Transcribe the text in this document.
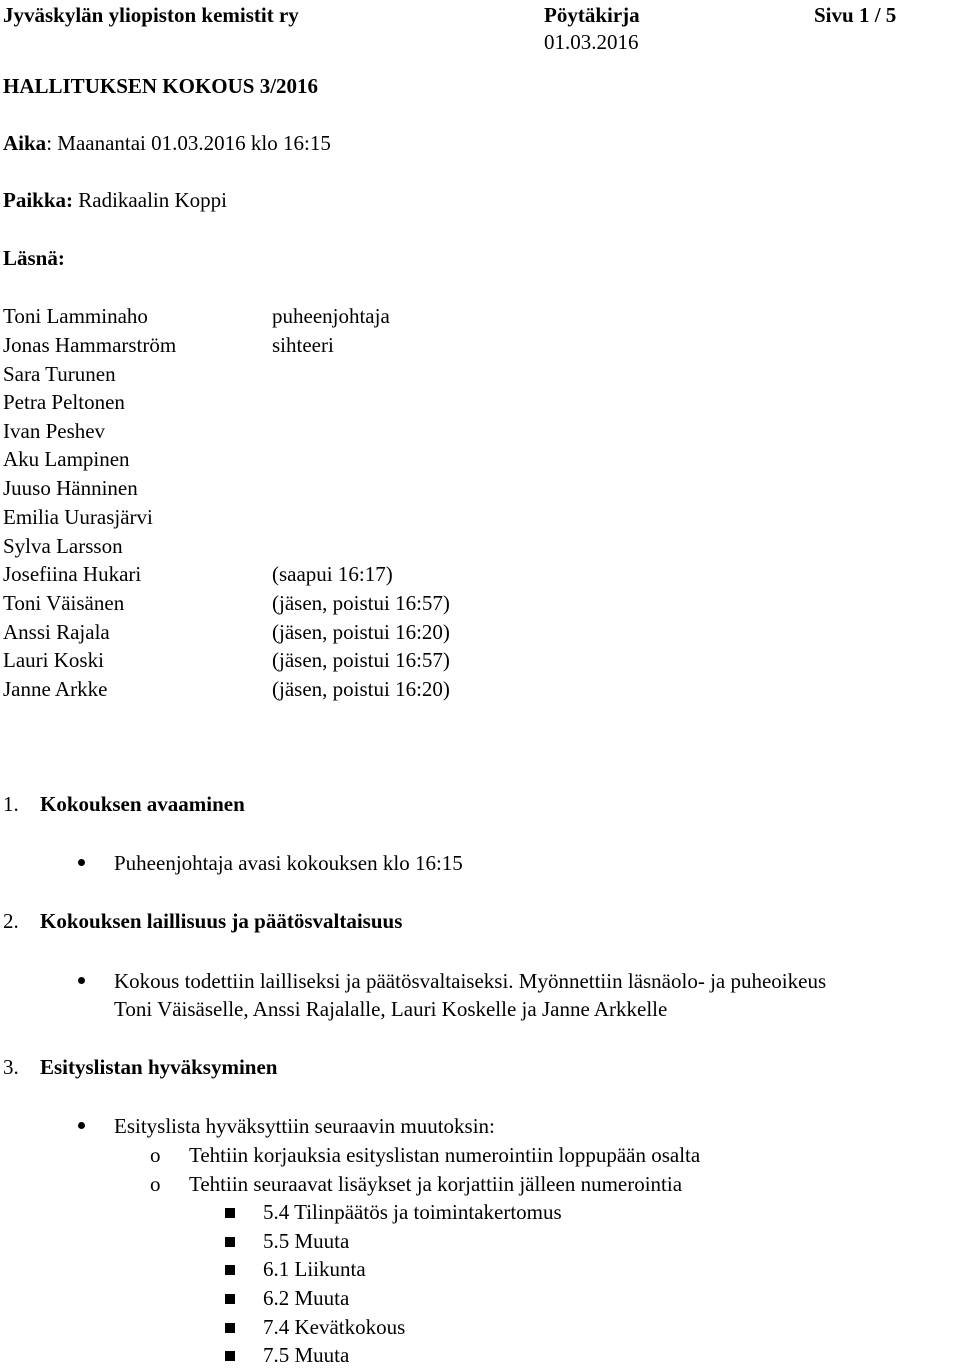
Jyväskylän yliopiston kemistit ry	Pöytäkirja
01.03.2016
Sivu 1 / 5
HALLITUKSEN KOKOUS 3/2016
Aika: Maanantai 01.03.2016 klo 16:15
Paikka: Radikaalin Koppi
Läsnä:
Toni Lamminaho	puheenjohtaja
Jonas Hammarström	sihteeri
Sara Turunen
Petra Peltonen
Ivan Peshev
Aku Lampinen
Juuso Hänninen
Emilia Uurasjärvi
Sylva Larsson
Josefiina Hukari	(saapui 16:17)
Toni Väisänen	(jäsen, poistui 16:57)
Anssi Rajala	(jäsen, poistui 16:20)
Lauri Koski	(jäsen, poistui 16:57)
Janne Arkke	(jäsen, poistui 16:20)
1. Kokouksen avaaminen
Puheenjohtaja avasi kokouksen klo 16:15
2. Kokouksen laillisuus ja päätösvaltaisuus
Kokous todettiin lailliseksi ja päätösvaltaiseksi. Myönnettiin läsnäolo- ja puheoikeus
Toni Väisäselle, Anssi Rajalalle, Lauri Koskelle ja Janne Arkkelle
3. Esityslistan hyväksyminen
Esityslista hyväksyttiin seuraavin muutoksin:
o Tehtiin korjauksia esityslistan numerointiin loppupään osalta
o Tehtiin seuraavat lisäykset ja korjattiin jälleen numerointia
5.4 Tilinpäätös ja toimintakertomus
5.5 Muuta
6.1 Liikunta
6.2 Muuta
7.4 Kevätkokous
7.5 Muuta
